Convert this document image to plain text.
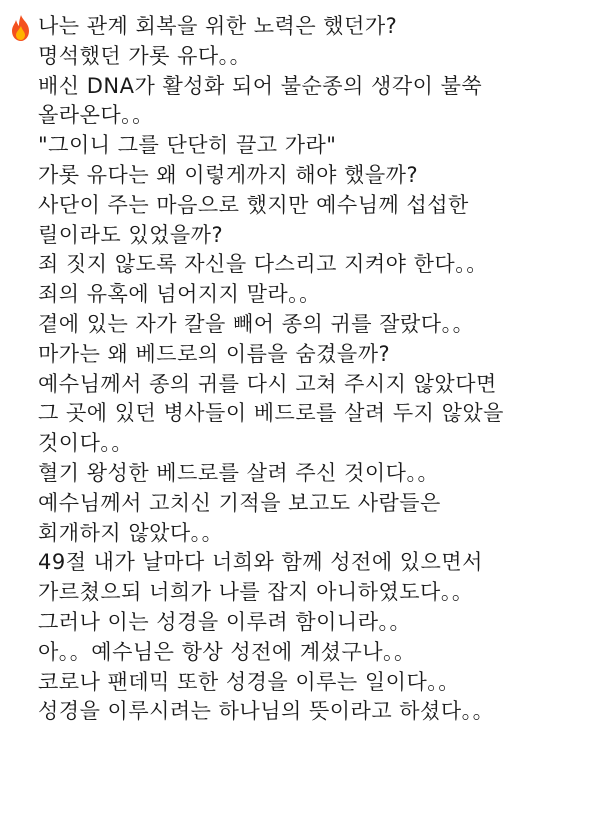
나는 관계 회복을 위한 노력은 했던가?
명석했던 가롯 유다。。
배신 DNA가 활성화 되어 불순종의 생각이 불쑥
올라온다。。
"그이니 그를 단단히 끌고 가라"
가롯 유다는 왜 이렇게까지 해야 했을까?
사단이 주는 마음으로 했지만 예수님께 섭섭한
릴이라도 있었을까?
죄 짓지 않도록 자신을 다스리고 지켜야 한다。。
죄의 유혹에 넘어지지 말라。。
곁에 있는 자가 칼을 빼어 종의 귀를 잘랐다。。
마가는 왜 베드로의 이름을 숨겼을까?
예수님께서 종의 귀를 다시 고쳐 주시지 않았다면
그 곳에 있던 병사들이 베드로를 살려 두지 않았을
것이다。。
혈기 왕성한 베드로를 살려 주신 것이다。。
예수님께서 고치신 기적을 보고도 사람들은
회개하지 않았다。。
49절 내가 날마다 너희와 함께 성전에 있으면서
가르쳤으되 너희가 나를 잡지 아니하였도다。。
그러나 이는 성경을 이루려 함이니라。。
아。。예수님은 항상 성전에 계셨구나。。
코로나 팬데믹 또한 성경을 이루는 일이다。。
성경을 이루시려는 하나님의 뜻이라고 하셨다。。
